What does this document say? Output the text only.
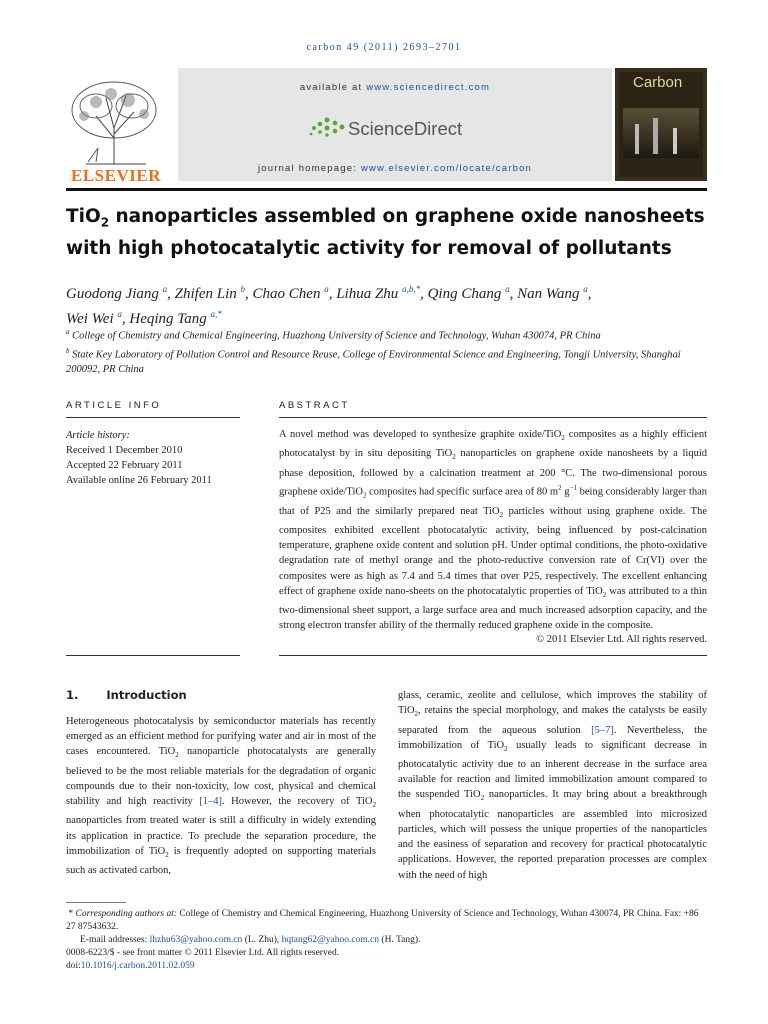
carbon 49 (2011) 2693–2701
ELSEVIER
available at www.sciencedirect.com
ScienceDirect
journal homepage: www.elsevier.com/locate/carbon
Carbon
TiO$_2$ nanoparticles assembled on graphene oxide nanosheets
with high photocatalytic activity for removal of pollutants
Guodong Jiang $^a$, Zhifen Lin $^b$, Chao Chen $^a$, Lihua Zhu $^{a,b,*}$, Qing Chang $^a$, Nan Wang $^a$,
Wei Wei $^a$, Heqing Tang $^{a,*}$
$^a$ College of Chemistry and Chemical Engineering, Huazhong University of Science and Technology, Wuhan 430074, PR China
$^b$ State Key Laboratory of Pollution Control and Resource Reuse, College of Environmental Science and Engineering, Tongji University, Shanghai 200092, PR China
ARTICLE INFO	ABSTRACT
Article history:
Received 1 December 2010
Accepted 22 February 2011
Available online 26 February 2011
A novel method was developed to synthesize graphite oxide/TiO$_2$ composites as a highly efficient photocatalyst by in situ depositing TiO$_2$ nanoparticles on graphene oxide nanosheets by a liquid phase deposition, followed by a calcination treatment at 200 °C. The two-dimensional porous graphene oxide/TiO$_2$ composites had specific surface area of 80 $m^2$ $g^{-1}$ being considerably larger than that of P25 and the similarly prepared neat TiO$_2$ particles without using graphene oxide. The composites exhibited excellent photocatalytic activity, being influenced by post-calcination temperature, graphene oxide content and solution pH. Under optimal conditions, the photo-oxidative degradation rate of methyl orange and the photo-reductive conversion rate of Cr(VI) over the composites were as high as 7.4 and 5.4 times that over P25, respectively. The excellent enhancing effect of graphene oxide nano-sheets on the photocatalytic properties of TiO$_2$ was attributed to a thin two-dimensional sheet support, a large surface area and much increased adsorption capacity, and the strong electron transfer ability of the thermally reduced graphene oxide in the composite.
© 2011 Elsevier Ltd. All rights reserved.
1. Introduction
Heterogeneous photocatalysis by semiconductor materials has recently emerged as an efficient method for purifying water and air in most of the cases encountered. TiO$_2$ nanoparticle photocatalysts are generally believed to be the most reliable materials for the degradation of organic compounds due to their non-toxicity, low cost, physical and chemical stability and high reactivity [1–4]. However, the recovery of TiO$_2$ nanoparticles from treated water is still a difficulty in widely extending its application in practice. To preclude the separation procedure, the immobilization of TiO$_2$ is frequently adopted on supporting materials such as activated carbon,
glass, ceramic, zeolite and cellulose, which improves the stability of TiO$_2$, retains the special morphology, and makes the catalysts be easily separated from the aqueous solution [5–7]. Nevertheless, the immobilization of TiO$_2$ usually leads to significant decrease in photocatalytic activity due to an inherent decrease in the surface area available for reaction and limited immobilization amount compared to the suspended TiO$_2$ nanoparticles. It may bring about a breakthrough when photocatalytic nanoparticles are assembled into microsized particles, which will possess the unique properties of the nanoparticles and the easiness of separation and recovery for practical photocatalytic applications. However, the reported preparation processes are complex with the need of high
* Corresponding authors at: College of Chemistry and Chemical Engineering, Huazhong University of Science and Technology, Wuhan 430074, PR China. Fax: +86 27 87543632.
E-mail addresses: lhzhu63@yahoo.com.cn (L. Zhu), hqtang62@yahoo.com.cn (H. Tang).
0008-6223/$ - see front matter © 2011 Elsevier Ltd. All rights reserved.
doi:10.1016/j.carbon.2011.02.059
